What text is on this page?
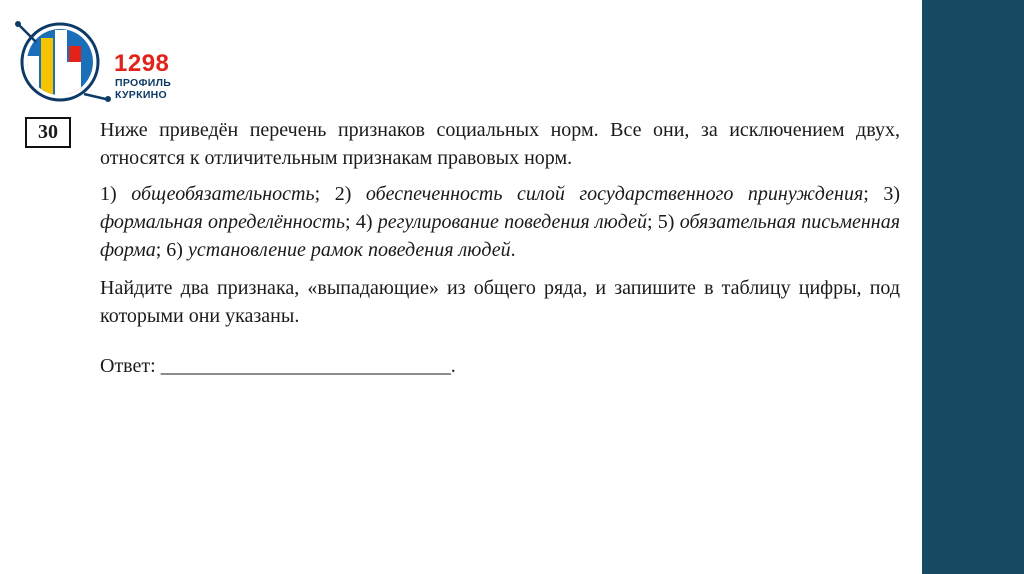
1298
ПРОФИЛЬ
КУРКИНО
30	Ниже приведён перечень признаков социальных норм. Все они, за исключением двух, относятся к отличительным признакам правовых норм.

1) общеобязательность; 2) обеспеченность силой государственного принуждения; 3) формальная определённость; 4) регулирование поведения людей; 5) обязательная письменная форма; 6) установление рамок поведения людей.

Найдите два признака, «выпадающие» из общего ряда, и запишите в таблицу цифры, под которыми они указаны.

Ответ: _____________________________.
